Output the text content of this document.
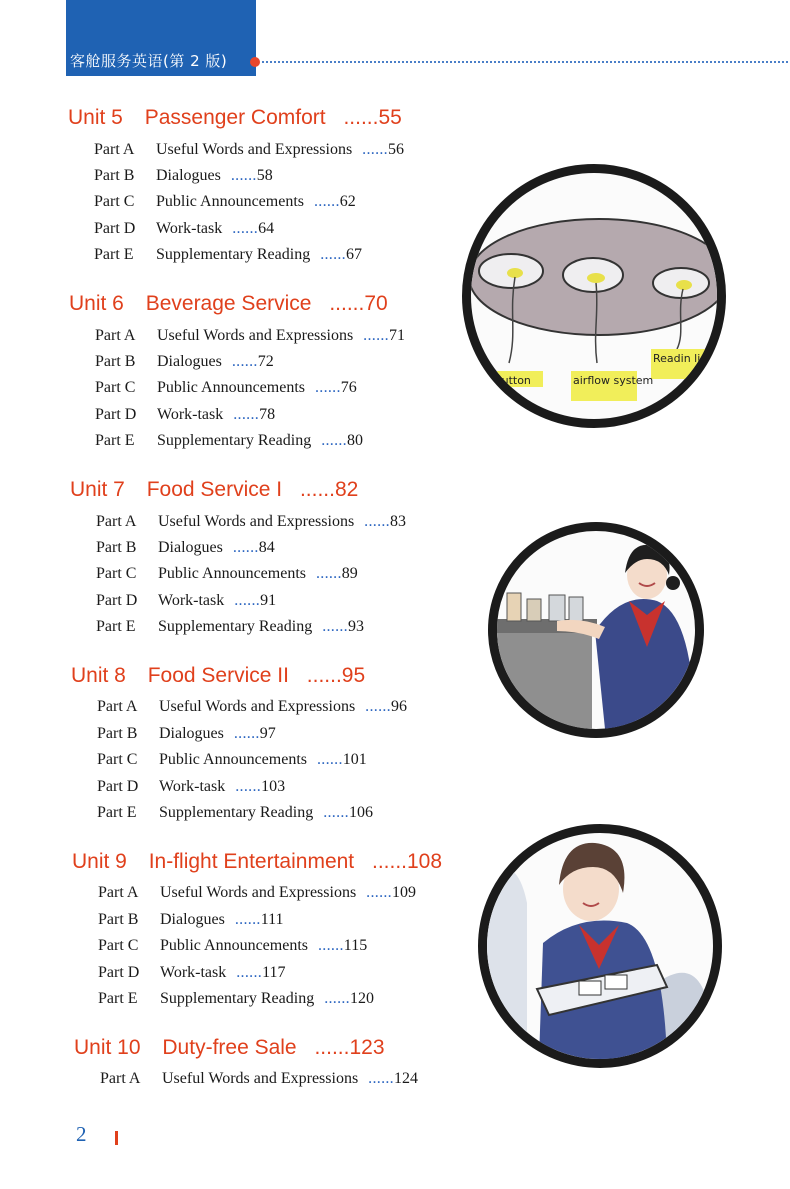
客舱服务英语(第 2 版)
Unit 5 Passenger Comfort ......55
Part A Useful Words and Expressions ......56
Part B Dialogues ......58
Part C Public Announcements ......62
Part D Work-task ......64
Part E Supplementary Reading ......67
Unit 6 Beverage Service ......70
Part A Useful Words and Expressions ......71
Part B Dialogues ......72
Part C Public Announcements ......76
Part D Work-task ......78
Part E Supplementary Reading ......80
Unit 7 Food Service I ......82
Part A Useful Words and Expressions ......83
Part B Dialogues ......84
Part C Public Announcements ......89
Part D Work-task ......91
Part E Supplementary Reading ......93
Unit 8 Food Service II ......95
Part A Useful Words and Expressions ......96
Part B Dialogues ......97
Part C Public Announcements ......101
Part D Work-task ......103
Part E Supplementary Reading ......106
Unit 9 In-flight Entertainment ......108
Part A Useful Words and Expressions ......109
Part B Dialogues ......111
Part C Public Announcements ......115
Part D Work-task ......117
Part E Supplementary Reading ......120
Unit 10 Duty-free Sale ......123
Part A Useful Words and Expressions ......124
ll button	airflow system
Readin ligh
2
